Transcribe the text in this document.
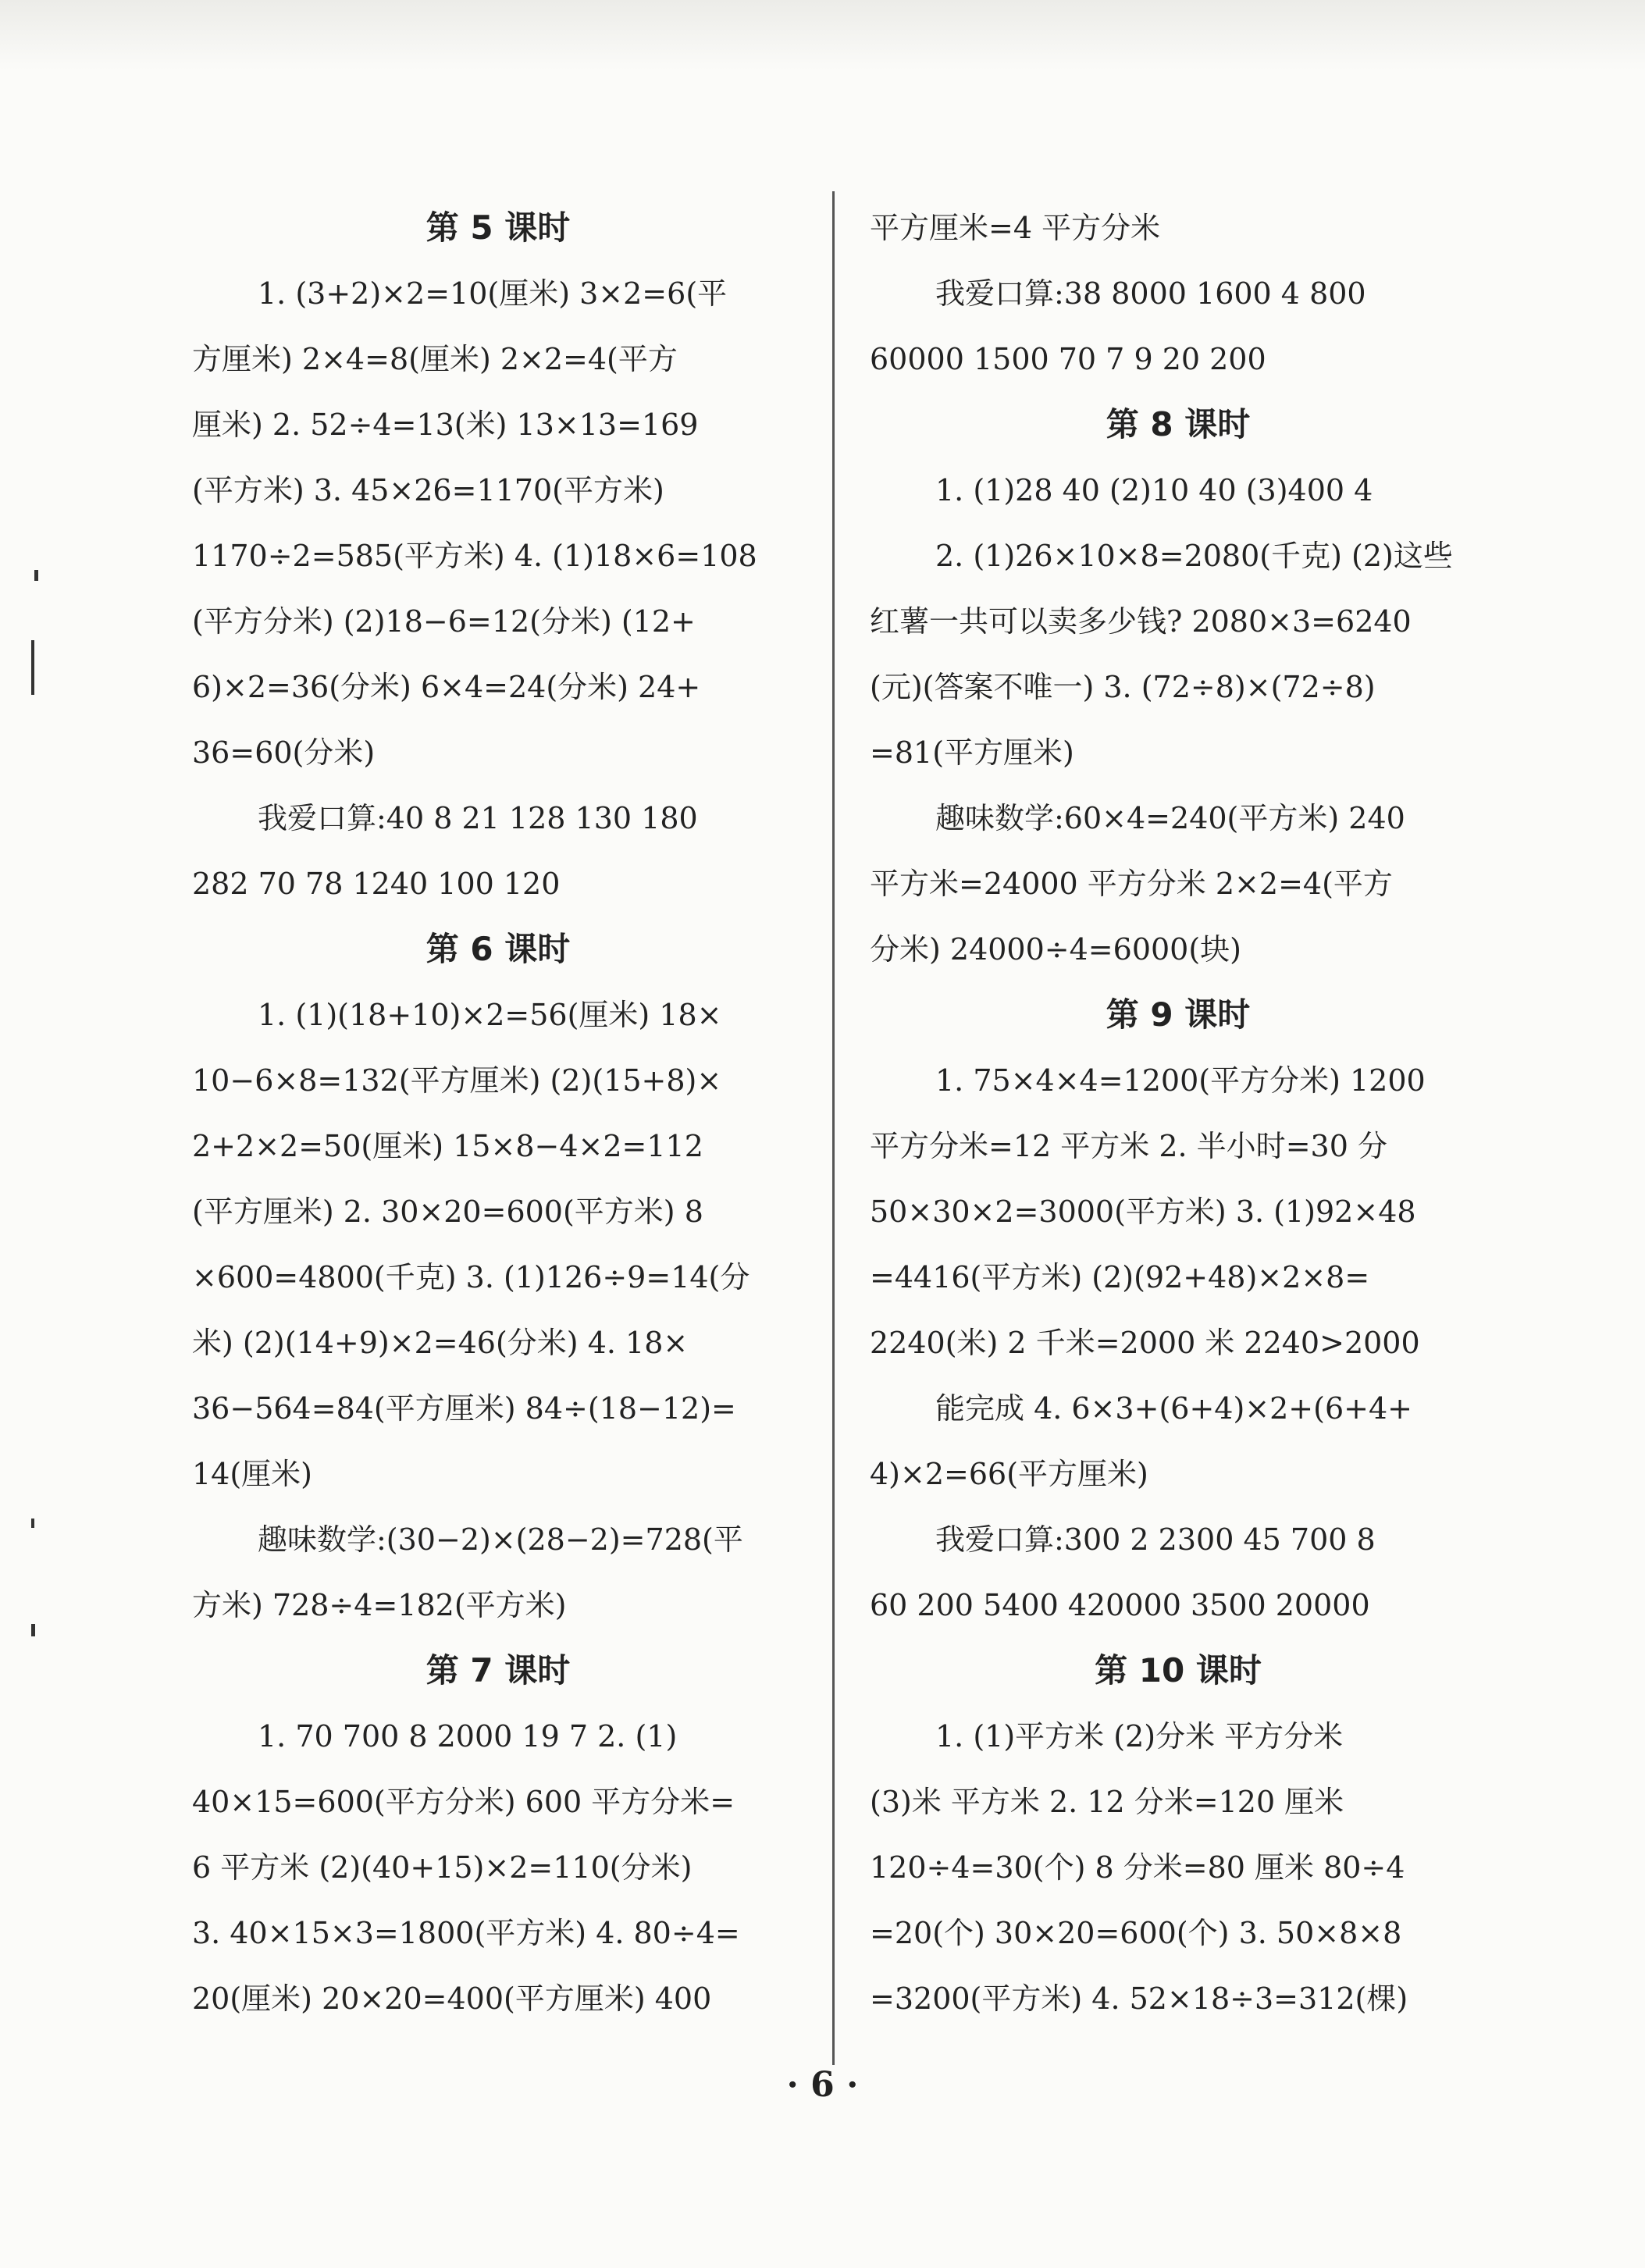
第 5 课时
1. (3+2)×2=10(厘米) 3×2=6(平
方厘米) 2×4=8(厘米) 2×2=4(平方
厘米) 2. 52÷4=13(米) 13×13=169
(平方米) 3. 45×26=1170(平方米)
1170÷2=585(平方米) 4. (1)18×6=108
(平方分米) (2)18−6=12(分米) (12+
6)×2=36(分米) 6×4=24(分米) 24+
36=60(分米)
我爱口算:40 8 21 128 130 180
282 70 78 1240 100 120
第 6 课时
1. (1)(18+10)×2=56(厘米) 18×
10−6×8=132(平方厘米) (2)(15+8)×
2+2×2=50(厘米) 15×8−4×2=112
(平方厘米) 2. 30×20=600(平方米) 8
×600=4800(千克) 3. (1)126÷9=14(分
米) (2)(14+9)×2=46(分米) 4. 18×
36−564=84(平方厘米) 84÷(18−12)=
14(厘米)
趣味数学:(30−2)×(28−2)=728(平
方米) 728÷4=182(平方米)
第 7 课时
1. 70 700 8 2000 19 7 2. (1)
40×15=600(平方分米) 600 平方分米=
6 平方米 (2)(40+15)×2=110(分米)
3. 40×15×3=1800(平方米) 4. 80÷4=
20(厘米) 20×20=400(平方厘米) 400
平方厘米=4 平方分米
我爱口算:38 8000 1600 4 800
60000 1500 70 7 9 20 200
第 8 课时
1. (1)28 40 (2)10 40 (3)400 4
2. (1)26×10×8=2080(千克) (2)这些
红薯一共可以卖多少钱? 2080×3=6240
(元)(答案不唯一) 3. (72÷8)×(72÷8)
=81(平方厘米)
趣味数学:60×4=240(平方米) 240
平方米=24000 平方分米 2×2=4(平方
分米) 24000÷4=6000(块)
第 9 课时
1. 75×4×4=1200(平方分米) 1200
平方分米=12 平方米 2. 半小时=30 分
50×30×2=3000(平方米) 3. (1)92×48
=4416(平方米) (2)(92+48)×2×8=
2240(米) 2 千米=2000 米 2240>2000
能完成 4. 6×3+(6+4)×2+(6+4+
4)×2=66(平方厘米)
我爱口算:300 2 2300 45 700 8
60 200 5400 420000 3500 20000
第 10 课时
1. (1)平方米 (2)分米 平方分米
(3)米 平方米 2. 12 分米=120 厘米
120÷4=30(个) 8 分米=80 厘米 80÷4
=20(个) 30×20=600(个) 3. 50×8×8
=3200(平方米) 4. 52×18÷3=312(棵)
· 6 ·
